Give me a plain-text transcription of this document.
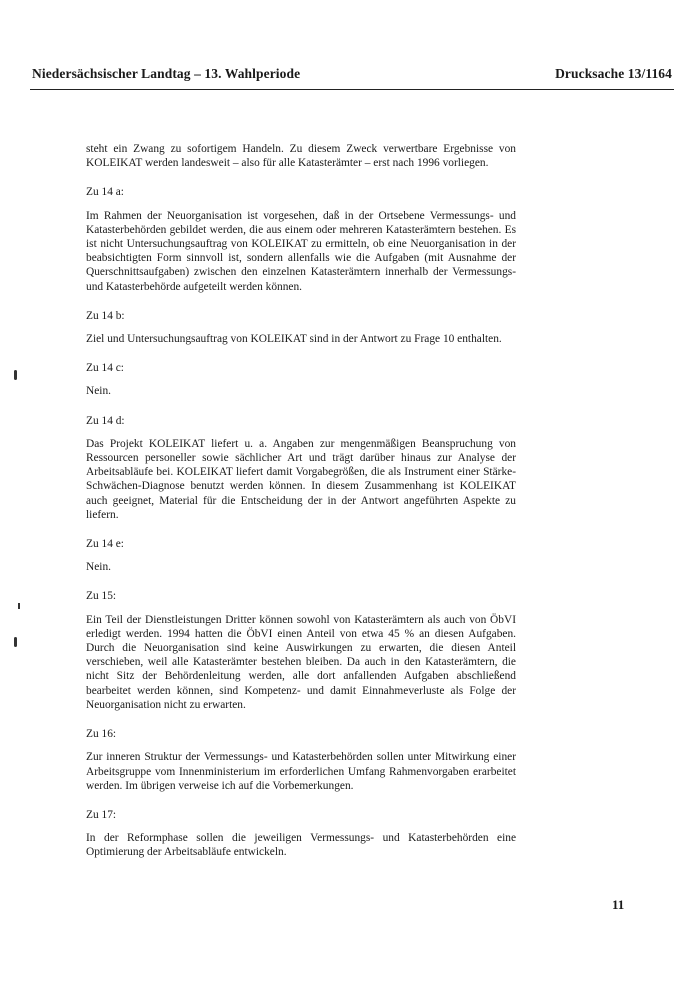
Niedersächsischer Landtag – 13. Wahlperiode	Drucksache 13/1164

steht ein Zwang zu sofortigem Handeln. Zu diesem Zweck verwertbare Ergebnisse von KOLEIKAT werden landesweit – also für alle Katasterämter – erst nach 1996 vorliegen.

Zu 14 a:

Im Rahmen der Neuorganisation ist vorgesehen, daß in der Ortsebene Vermessungs- und Katasterbehörden gebildet werden, die aus einem oder mehreren Katasterämtern bestehen. Es ist nicht Untersuchungsauftrag von KOLEIKAT zu ermitteln, ob eine Neuorganisation in der beabsichtigten Form sinnvoll ist, sondern allenfalls wie die Aufgaben (mit Ausnahme der Querschnittsaufgaben) zwischen den einzelnen Katasterämtern innerhalb der Vermessungs- und Katasterbehörde aufgeteilt werden können.

Zu 14 b:

Ziel und Untersuchungsauftrag von KOLEIKAT sind in der Antwort zu Frage 10 enthalten.

Zu 14 c:

Nein.

Zu 14 d:

Das Projekt KOLEIKAT liefert u. a. Angaben zur mengenmäßigen Beanspruchung von Ressourcen personeller sowie sächlicher Art und trägt darüber hinaus zur Analyse der Arbeitsabläufe bei. KOLEIKAT liefert damit Vorgabegrößen, die als Instrument einer Stärke-Schwächen-Diagnose benutzt werden können. In diesem Zusammenhang ist KOLEIKAT auch geeignet, Material für die Entscheidung der in der Antwort angeführten Aspekte zu liefern.

Zu 14 e:

Nein.

Zu 15:

Ein Teil der Dienstleistungen Dritter können sowohl von Katasterämtern als auch von ÖbVI erledigt werden. 1994 hatten die ÖbVI einen Anteil von etwa 45 % an diesen Aufgaben. Durch die Neuorganisation sind keine Auswirkungen zu erwarten, die diesen Anteil verschieben, weil alle Katasterämter bestehen bleiben. Da auch in den Katasterämtern, die nicht Sitz der Behördenleitung werden, alle dort anfallenden Aufgaben abschließend bearbeitet werden können, sind Kompetenz- und damit Einnahmeverluste als Folge der Neuorganisation nicht zu erwarten.

Zu 16:

Zur inneren Struktur der Vermessungs- und Katasterbehörden sollen unter Mitwirkung einer Arbeitsgruppe vom Innenministerium im erforderlichen Umfang Rahmenvorgaben erarbeitet werden. Im übrigen verweise ich auf die Vorbemerkungen.

Zu 17:

In der Reformphase sollen die jeweiligen Vermessungs- und Katasterbehörden eine Optimierung der Arbeitsabläufe entwickeln.

11
